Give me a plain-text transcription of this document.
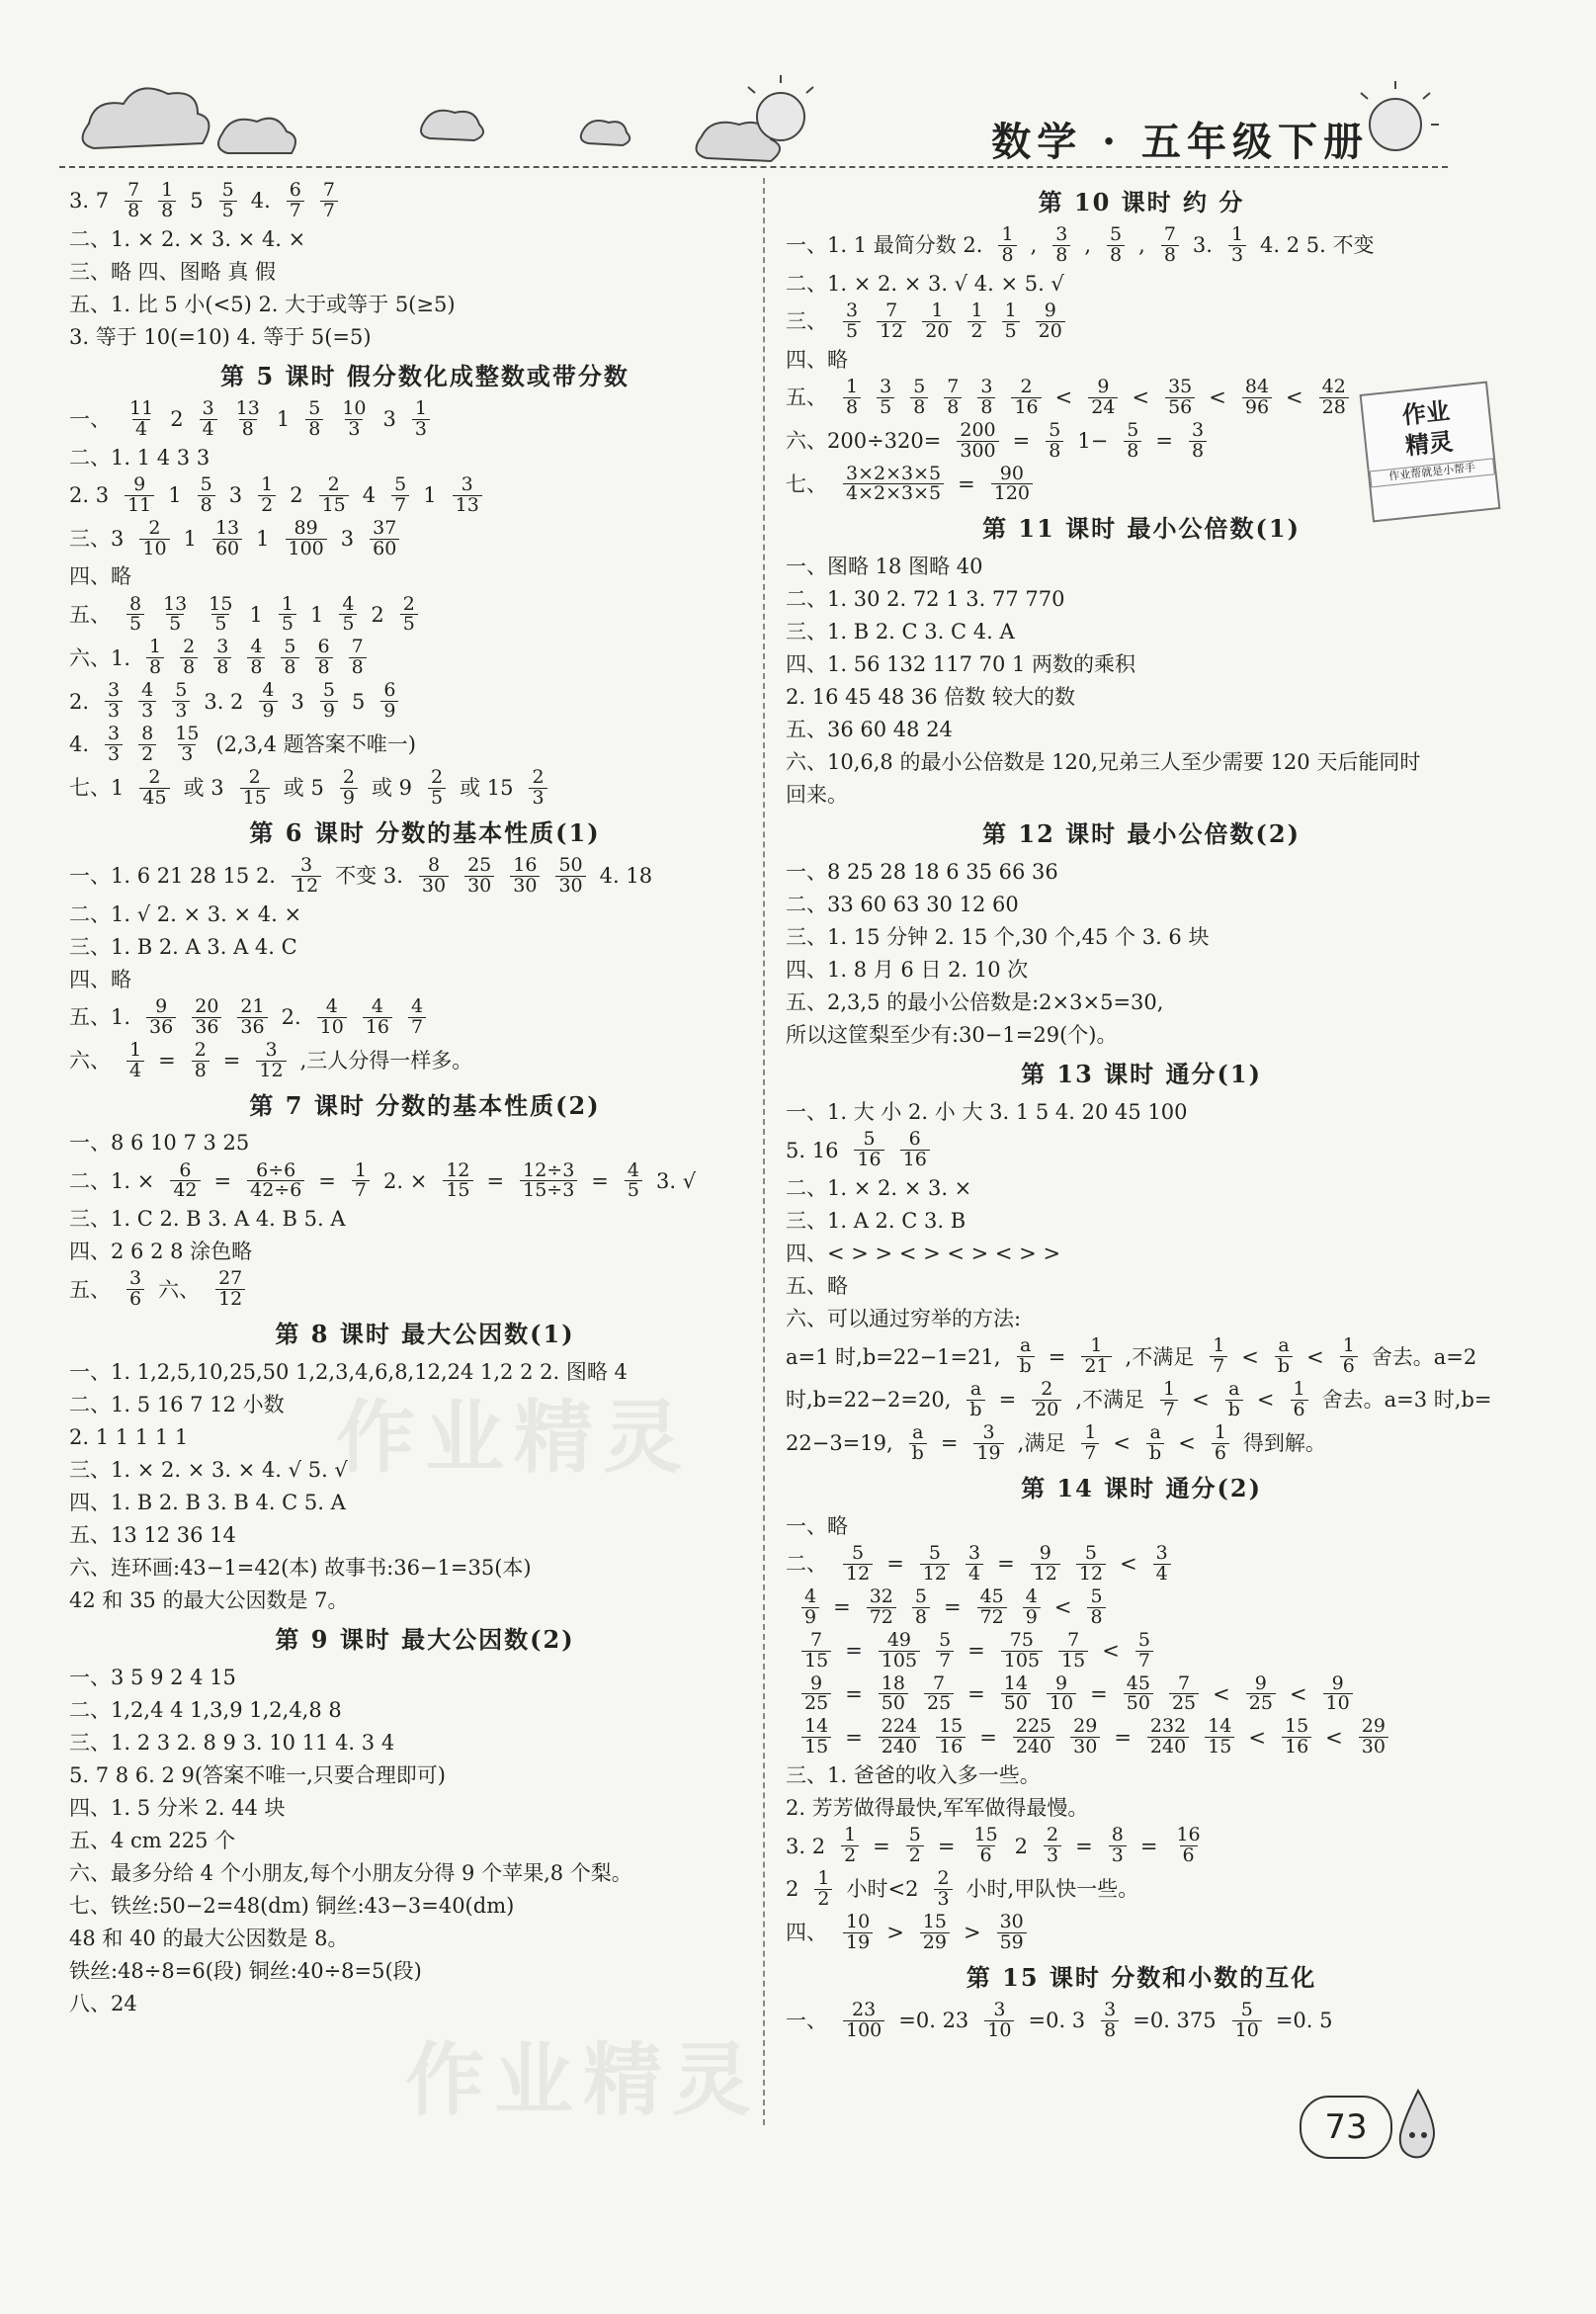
数学 · 五年级下册
3. $7 \frac{7}{8} \frac{1}{8} 5 \frac{5}{5} 4$. $\frac{6}{7} \frac{7}{7}$
二、1. × 2. × 3. × 4. ×
三、略 四、图略 真 假
五、1. 比 5 小(<5) 2. 大于或等于 5(≥5)
3. 等于 10(=10) 4. 等于 5(=5)
第 5 课时 假分数化成整数或带分数
一、 $\frac{11}{4} 2 \frac{3}{4} \frac{13}{8} 1 \frac{5}{8} \frac{10}{3} 3 \frac{1}{3}$
二、1. 1 4 3 3
2. $3 \frac{9}{11} 1 \frac{5}{8} 3 \frac{1}{2} 2 \frac{2}{15} 4 \frac{5}{7} 1 \frac{3}{13}$
三、$3 \frac{2}{10} 1 \frac{13}{60} 1 \frac{89}{100} 3 \frac{37}{60}$
四、略
五、 $\frac{8}{5} \frac{13}{5} \frac{15}{5} 1 \frac{1}{5} 1 \frac{4}{5} 2 \frac{2}{5}$
六、1. $\frac{1}{8} \frac{2}{8} \frac{3}{8} \frac{4}{8} \frac{5}{8} \frac{6}{8} \frac{7}{8}$
2. $\frac{3}{3} \frac{4}{3} \frac{5}{3} 3$. $2 \frac{4}{9} 3 \frac{5}{9} 5 \frac{6}{9}$
4. $\frac{3}{3} \frac{8}{2} \frac{15}{3} (2,3,4$ 题答案不唯一)
七、$1 \frac{2}{45}$ 或 $3 \frac{2}{15}$ 或 $5 \frac{2}{9}$ 或 $9 \frac{2}{5}$ 或 $15 \frac{2}{3}$
第 6 课时 分数的基本性质(1)
一、1. 6 21 28 15 2. $\frac{3}{12}$ 不变 3. $\frac{8}{30} \frac{25}{30} \frac{16}{30} \frac{50}{30} 4$. 18
二、1. √ 2. × 3. × 4. ×
三、1. B 2. A 3. A 4. C
四、略
五、1. $\frac{9}{36} \frac{20}{36} \frac{21}{36} 2$. $\frac{4}{10} \frac{4}{16} \frac{4}{7}$
六、 $\frac{1}{4} = \frac{2}{8} = \frac{3}{12}$ ,三人分得一样多。
第 7 课时 分数的基本性质(2)
一、8 6 10 7 3 25
二、1. × $\frac{6}{42} = \frac{6\div 6}{42\div 6} = \frac{1}{7} 2$. × $\frac{12}{15} = \frac{12\div 3}{15\div 3} = \frac{4}{5} 3$. √
三、1. C 2. B 3. A 4. B 5. A
四、2 6 2 8 涂色略
五、 $\frac{3}{6}$ 六、 $\frac{27}{12}$
第 8 课时 最大公因数(1)
一、1. 1,2,5,10,25,50 1,2,3,4,6,8,12,24 1,2 2 2. 图略 4
二、1. 5 16 7 12 小数
2. 1 1 1 1 1
三、1. × 2. × 3. × 4. √ 5. √
四、1. B 2. B 3. B 4. C 5. A
五、13 12 36 14
六、连环画:43−1=42(本) 故事书:36−1=35(本)
42 和 35 的最大公因数是 7。
第 9 课时 最大公因数(2)
一、3 5 9 2 4 15
二、1,2,4 4 1,3,9 1,2,4,8 8
三、1. 2 3 2. 8 9 3. 10 11 4. 3 4
5. 7 8 6. 2 9(答案不唯一,只要合理即可)
四、1. 5 分米 2. 44 块
五、4 cm 225 个
六、最多分给 4 个小朋友,每个小朋友分得 9 个苹果,8 个梨。
七、铁丝:50−2=48(dm) 铜丝:43−3=40(dm)
48 和 40 的最大公因数是 8。
铁丝:48÷8=6(段) 铜丝:40÷8=5(段)
八、24
第 10 课时 约 分
一、1. 1 最简分数 2. $\frac{1}{8}$ , $\frac{3}{8}$ , $\frac{5}{8}$ , $\frac{7}{8} 3$. $\frac{1}{3} 4$. 2 5. 不变
二、1. × 2. × 3. √ 4. × 5. √
三、 $\frac{3}{5} \frac{7}{12} \frac{1}{20} \frac{1}{2} \frac{1}{5} \frac{9}{20}$
四、略
五、 $\frac{1}{8} \frac{3}{5} \frac{5}{8} \frac{7}{8} \frac{3}{8} \frac{2}{16} < \frac{9}{24} < \frac{35}{56} < \frac{84}{96} < \frac{42}{28}$
六、$200\div 320= \frac{200}{300} = \frac{5}{8} 1- \frac{5}{8} = \frac{3}{8}$
七、 $\frac{3\times 2\times 3\times 5}{4\times 2\times 3\times 5} = \frac{90}{120}$
第 11 课时 最小公倍数(1)
一、图略 18 图略 40
二、1. 30 2. 72 1 3. 77 770
三、1. B 2. C 3. C 4. A
四、1. 56 132 117 70 1 两数的乘积
2. 16 45 48 36 倍数 较大的数
五、36 60 48 24
六、10,6,8 的最小公倍数是 120,兄弟三人至少需要 120 天后能同时
回来。
第 12 课时 最小公倍数(2)
一、8 25 28 18 6 35 66 36
二、33 60 63 30 12 60
三、1. 15 分钟 2. 15 个,30 个,45 个 3. 6 块
四、1. 8 月 6 日 2. 10 次
五、2,3,5 的最小公倍数是:2×3×5=30,
所以这筐梨至少有:30−1=29(个)。
第 13 课时 通分(1)
一、1. 大 小 2. 小 大 3. 1 5 4. 20 45 100
5. $16 \frac{5}{16} \frac{6}{16}$
二、1. × 2. × 3. ×
三、1. A 2. C 3. B
四、< > > < > < > < > >
五、略
六、可以通过穷举的方法:
a=1 时,b=22−1=21, $\frac{a}{b} = \frac{1}{21}$ ,不满足 $\frac{1}{7} < \frac{a}{b} < \frac{1}{6}$ 舍去。a=2
时,b=22−2=20, $\frac{a}{b} = \frac{2}{20}$ ,不满足 $\frac{1}{7} < \frac{a}{b} < \frac{1}{6}$ 舍去。a=3 时,b=
22−3=19, $\frac{a}{b} = \frac{3}{19}$ ,满足 $\frac{1}{7} < \frac{a}{b} < \frac{1}{6}$ 得到解。
第 14 课时 通分(2)
一、略
二、 $\frac{5}{12} = \frac{5}{12} \frac{3}{4} = \frac{9}{12} \frac{5}{12} < \frac{3}{4}$
$\frac{4}{9} = \frac{32}{72} \frac{5}{8} = \frac{45}{72} \frac{4}{9} < \frac{5}{8}$
$\frac{7}{15} = \frac{49}{105} \frac{5}{7} = \frac{75}{105} \frac{7}{15} < \frac{5}{7}$
$\frac{9}{25} = \frac{18}{50} \frac{7}{25} = \frac{14}{50} \frac{9}{10} = \frac{45}{50} \frac{7}{25} < \frac{9}{25} < \frac{9}{10}$
$\frac{14}{15} = \frac{224}{240} \frac{15}{16} = \frac{225}{240} \frac{29}{30} = \frac{232}{240} \frac{14}{15} < \frac{15}{16} < \frac{29}{30}$
三、1. 爸爸的收入多一些。
2. 芳芳做得最快,军军做得最慢。
3. $2 \frac{1}{2} = \frac{5}{2} = \frac{15}{6} 2 \frac{2}{3} = \frac{8}{3} = \frac{16}{6}$
$2 \frac{1}{2}$ 小时$<2 \frac{2}{3}$ 小时,甲队快一些。
四、 $\frac{10}{19} > \frac{15}{29} > \frac{30}{59}$
第 15 课时 分数和小数的互化
一、 $\frac{23}{100} =0$. $23 \frac{3}{10} =0$. $3 \frac{3}{8} =0$. $375 \frac{5}{10} =0$. 5
作业
精灵
作业帮就是小帮手
作业精灵
作业精灵
73
